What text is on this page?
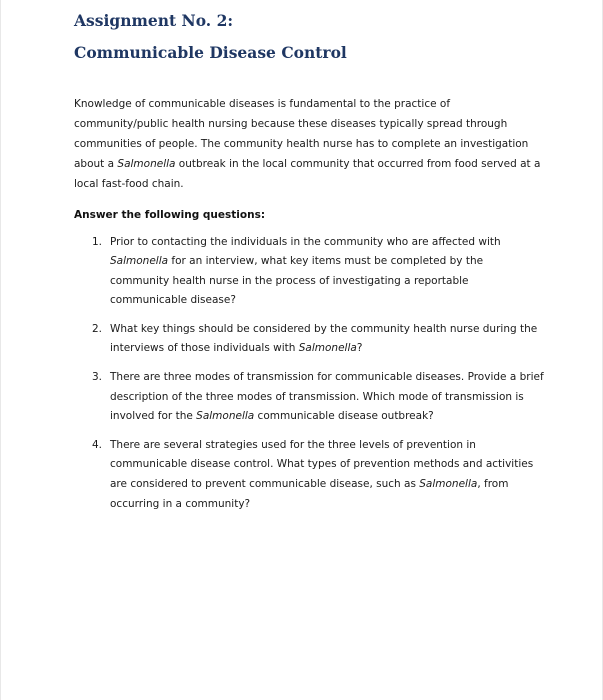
Assignment No. 2:
Communicable Disease Control

Knowledge of communicable diseases is fundamental to the practice of community/public health nursing because these diseases typically spread through communities of people. The community health nurse has to complete an investigation about a Salmonella outbreak in the local community that occurred from food served at a local fast-food chain.

Answer the following questions:
1. Prior to contacting the individuals in the community who are affected with Salmonella for an interview, what key items must be completed by the community health nurse in the process of investigating a reportable communicable disease?
2. What key things should be considered by the community health nurse during the interviews of those individuals with Salmonella?
3. There are three modes of transmission for communicable diseases. Provide a brief description of the three modes of transmission. Which mode of transmission is involved for the Salmonella communicable disease outbreak?
4. There are several strategies used for the three levels of prevention in communicable disease control. What types of prevention methods and activities are considered to prevent communicable disease, such as Salmonella, from occurring in a community?
